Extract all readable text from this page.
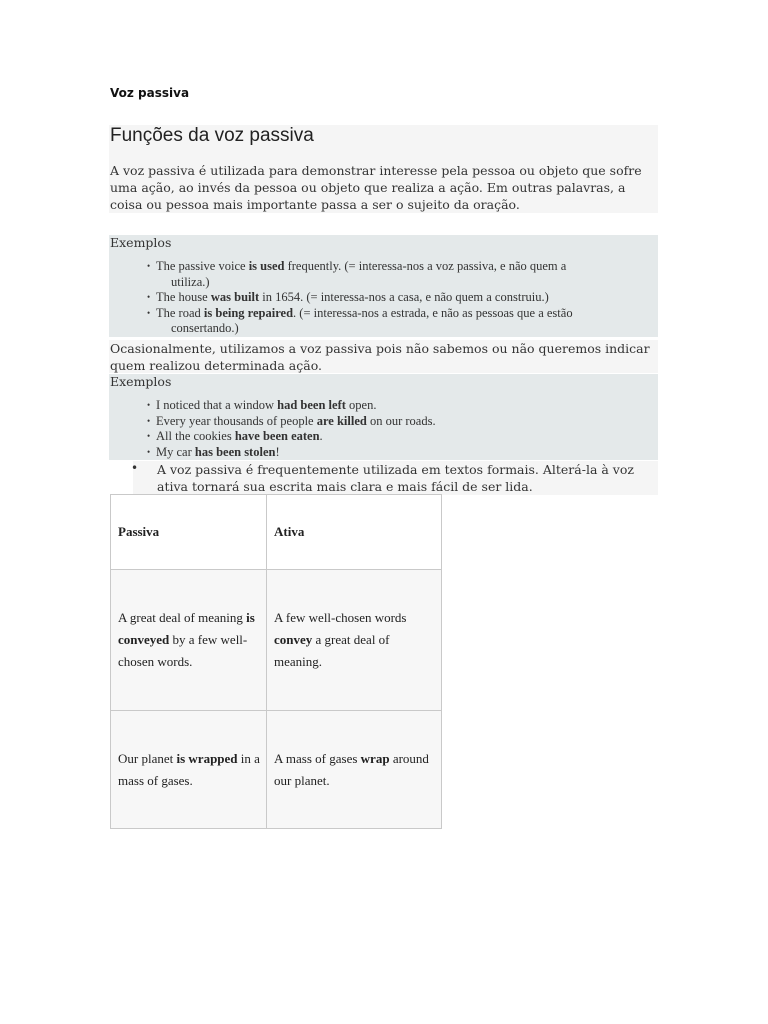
Voz passiva
Funções da voz passiva

A voz passiva é utilizada para demonstrar interesse pela pessoa ou objeto que sofre uma ação, ao invés da pessoa ou objeto que realiza a ação. Em outras palavras, a coisa ou pessoa mais importante passa a ser o sujeito da oração.

Exemplos
• The passive voice is used frequently. (= interessa-nos a voz passiva, e não quem a
utiliza.)
• The house was built in 1654. (= interessa-nos a casa, e não quem a construiu.)
• The road is being repaired. (= interessa-nos a estrada, e não as pessoas que a estão
consertando.)

Ocasionalmente, utilizamos a voz passiva pois não sabemos ou não queremos indicar quem realizou determinada ação.

Exemplos
• I noticed that a window had been left open.
• Every year thousands of people are killed on our roads.
• All the cookies have been eaten.
• My car has been stolen!
• A voz passiva é frequentemente utilizada em textos formais. Alterá-la à voz ativa tornará sua escrita mais clara e mais fácil de ser lida.

Passiva	Ativa
A great deal of meaning is conveyed by a few well-chosen words.	A few well-chosen words convey a great deal of meaning.
Our planet is wrapped in a mass of gases.	A mass of gases wrap around our planet.
